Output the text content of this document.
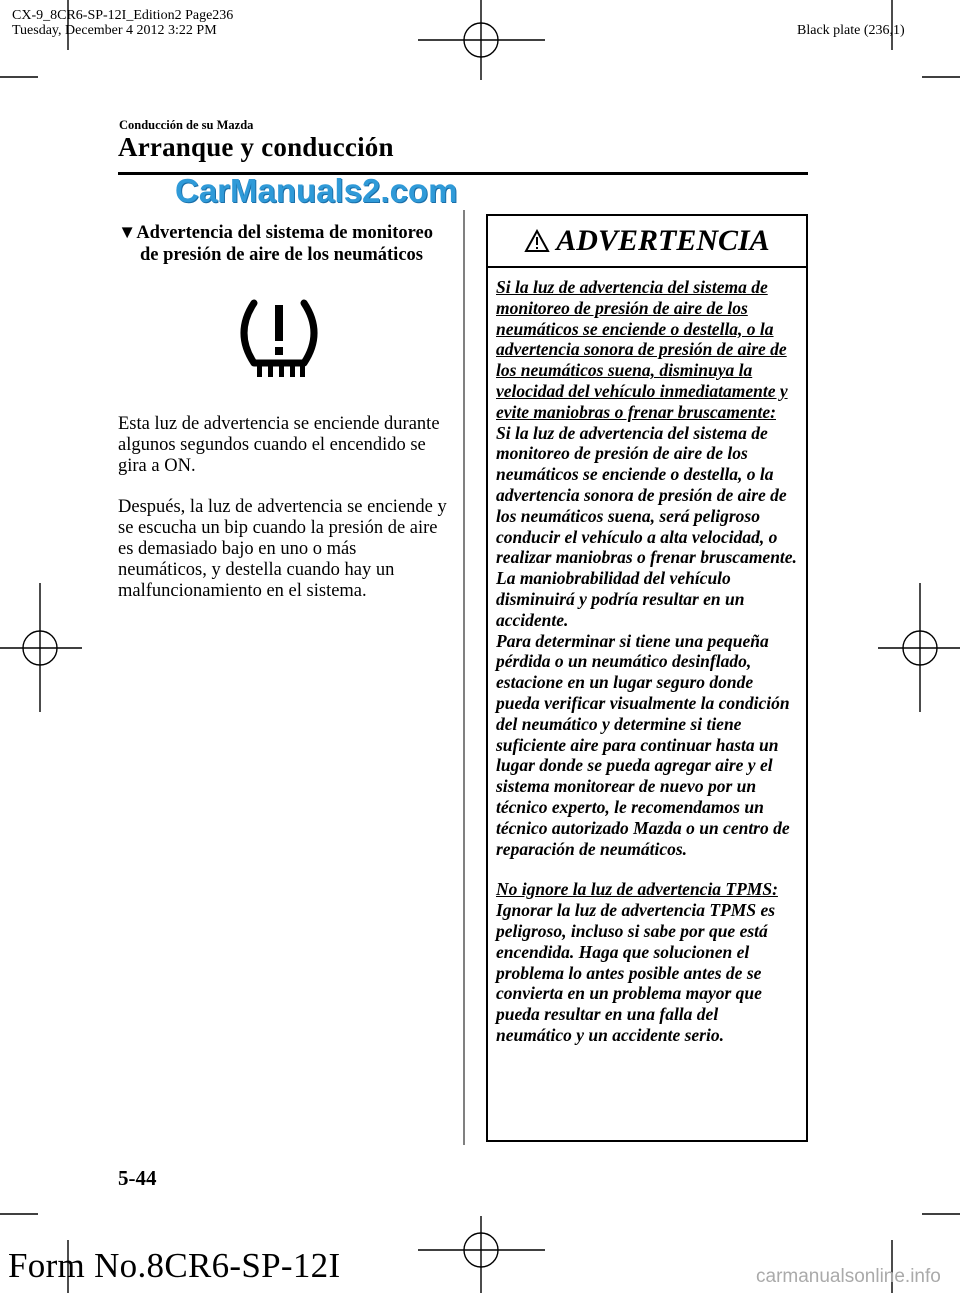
CX-9_8CR6-SP-12I_Edition2 Page236
Tuesday, December 4 2012 3:22 PM	Black plate (236,1)
Conducción de su Mazda
Arranque y conducción
CarManuals2.com
▼Advertencia del sistema de monitoreo
de presión de aire de los neumáticos

Esta luz de advertencia se enciende durante algunos segundos cuando el encendido se gira a ON.

Después, la luz de advertencia se enciende y se escucha un bip cuando la presión de aire es demasiado bajo en uno o más neumáticos, y destella cuando hay un malfuncionamiento en el sistema.

ADVERTENCIA
Si la luz de advertencia del sistema de monitoreo de presión de aire de los neumáticos se enciende o destella, o la advertencia sonora de presión de aire de los neumáticos suena, disminuya la velocidad del vehículo inmediatamente y evite maniobras o frenar bruscamente:
Si la luz de advertencia del sistema de monitoreo de presión de aire de los neumáticos se enciende o destella, o la advertencia sonora de presión de aire de los neumáticos suena, será peligroso conducir el vehículo a alta velocidad, o realizar maniobras o frenar bruscamente. La maniobrabilidad del vehículo disminuirá y podría resultar en un accidente.
Para determinar si tiene una pequeña pérdida o un neumático desinflado, estacione en un lugar seguro donde pueda verificar visualmente la condición del neumático y determine si tiene suficiente aire para continuar hasta un lugar donde se pueda agregar aire y el sistema monitorear de nuevo por un técnico experto, le recomendamos un técnico autorizado Mazda o un centro de reparación de neumáticos.
No ignore la luz de advertencia TPMS:
Ignorar la luz de advertencia TPMS es peligroso, incluso si sabe por que está encendida. Haga que solucionen el problema lo antes posible antes de se convierta en un problema mayor que pueda resultar en una falla del neumático y un accidente serio.
5-44
Form No.8CR6-SP-12I	carmanualsonline.info
